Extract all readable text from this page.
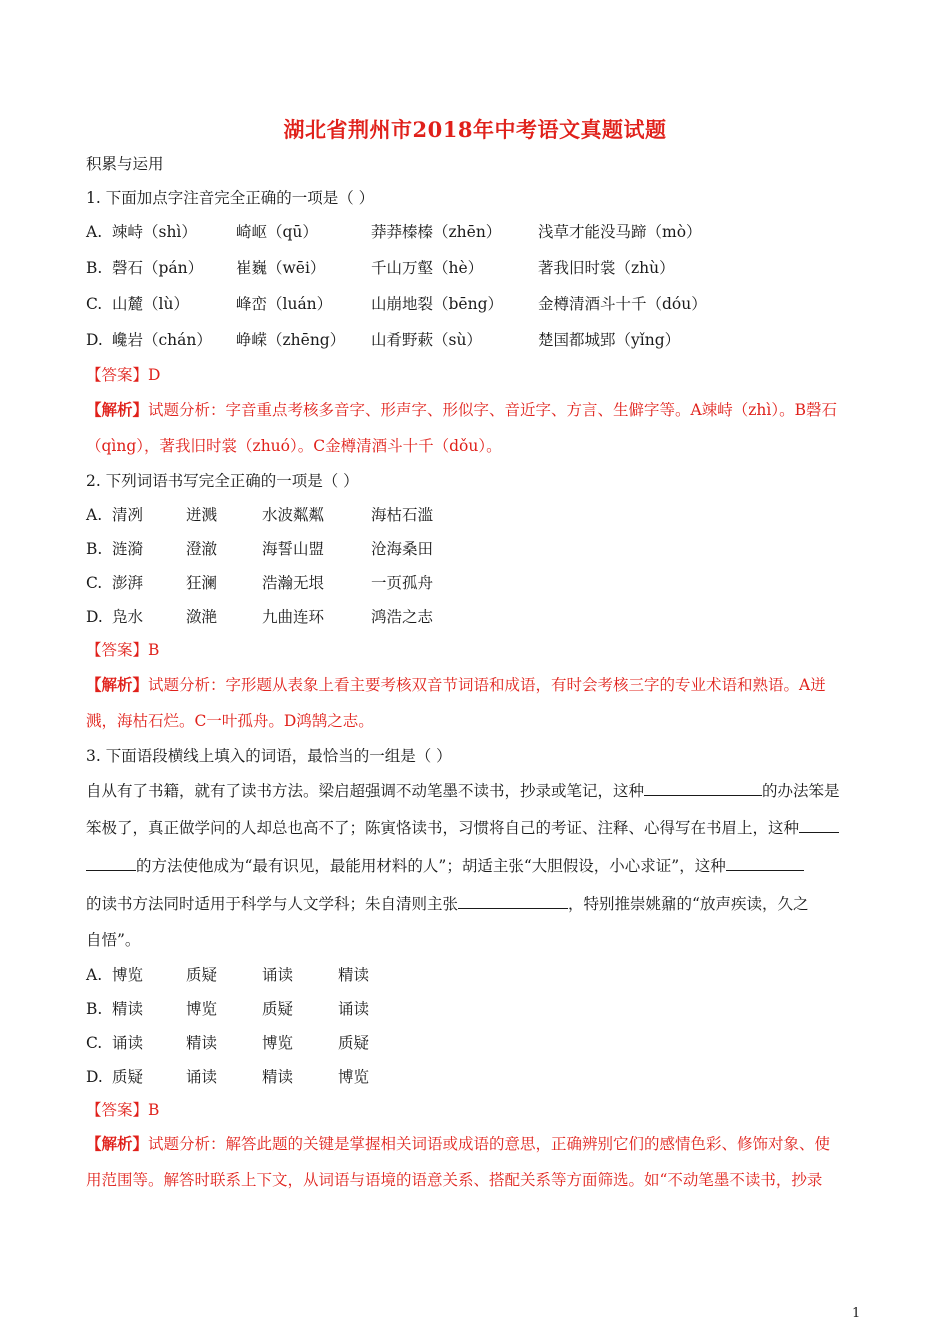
湖北省荆州市2018年中考语文真题试题
积累与运用
1. 下面加点字注音完全正确的一项是（ ）
A. 竦峙（shì）	崎岖（qū）	莽莽榛榛（zhēn） 浅草才能没马蹄（mò）
B. 磬石（pán） 崔巍（wēi）	千山万壑（hè）	著我旧时裳（zhù）
C. 山麓（lù）	峰峦（luán）	山崩地裂（bēng） 金樽清酒斗十千（dóu）
D. 巉岩（chán） 峥嵘（zhēng） 山肴野蔌（sù）	楚国都城郢（yǐng）
【答案】D
【解析】试题分析：字音重点考核多音字、形声字、形似字、音近字、方言、生僻字等。A竦峙（zhì）。B磬石
（qìng），著我旧时裳（zhuó）。C金樽清酒斗十千（dǒu）。
2. 下列词语书写完全正确的一项是（ ）
A. 清冽	迸溅	水波粼粼	海枯石滥
B. 涟漪	澄澈	海誓山盟	沧海桑田
C. 澎湃	狂澜	浩瀚无垠	一页孤舟
D. 凫水	潋滟	九曲连环	鸿浩之志
【答案】B
【解析】试题分析：字形题从表象上看主要考核双音节词语和成语，有时会考核三字的专业术语和熟语。A迸
溅，海枯石烂。C一叶孤舟。D鸿鹄之志。
3. 下面语段横线上填入的词语，最恰当的一组是（ ）
自从有了书籍，就有了读书方法。梁启超强调不动笔墨不读书，抄录或笔记，这种	的办法笨是
笨极了，真正做学问的人却总也高不了；陈寅恪读书，习惯将自己的考证、注释、心得写在书眉上，这种
的方法使他成为“最有识见，最能用材料的人”；胡适主张“大胆假设，小心求证”，这种
的读书方法同时适用于科学与人文学科；朱自清则主张	，特别推崇姚鼐的“放声疾读，久之
自悟”。
A. 博览	质疑	诵读	精读
B. 精读	博览	质疑	诵读
C. 诵读	精读	博览	质疑
D. 质疑	诵读	精读	博览
【答案】B
【解析】试题分析：解答此题的关键是掌握相关词语或成语的意思，正确辨别它们的感情色彩、修饰对象、使
用范围等。解答时联系上下文，从词语与语境的语意关系、搭配关系等方面筛选。如“不动笔墨不读书，抄录
1
